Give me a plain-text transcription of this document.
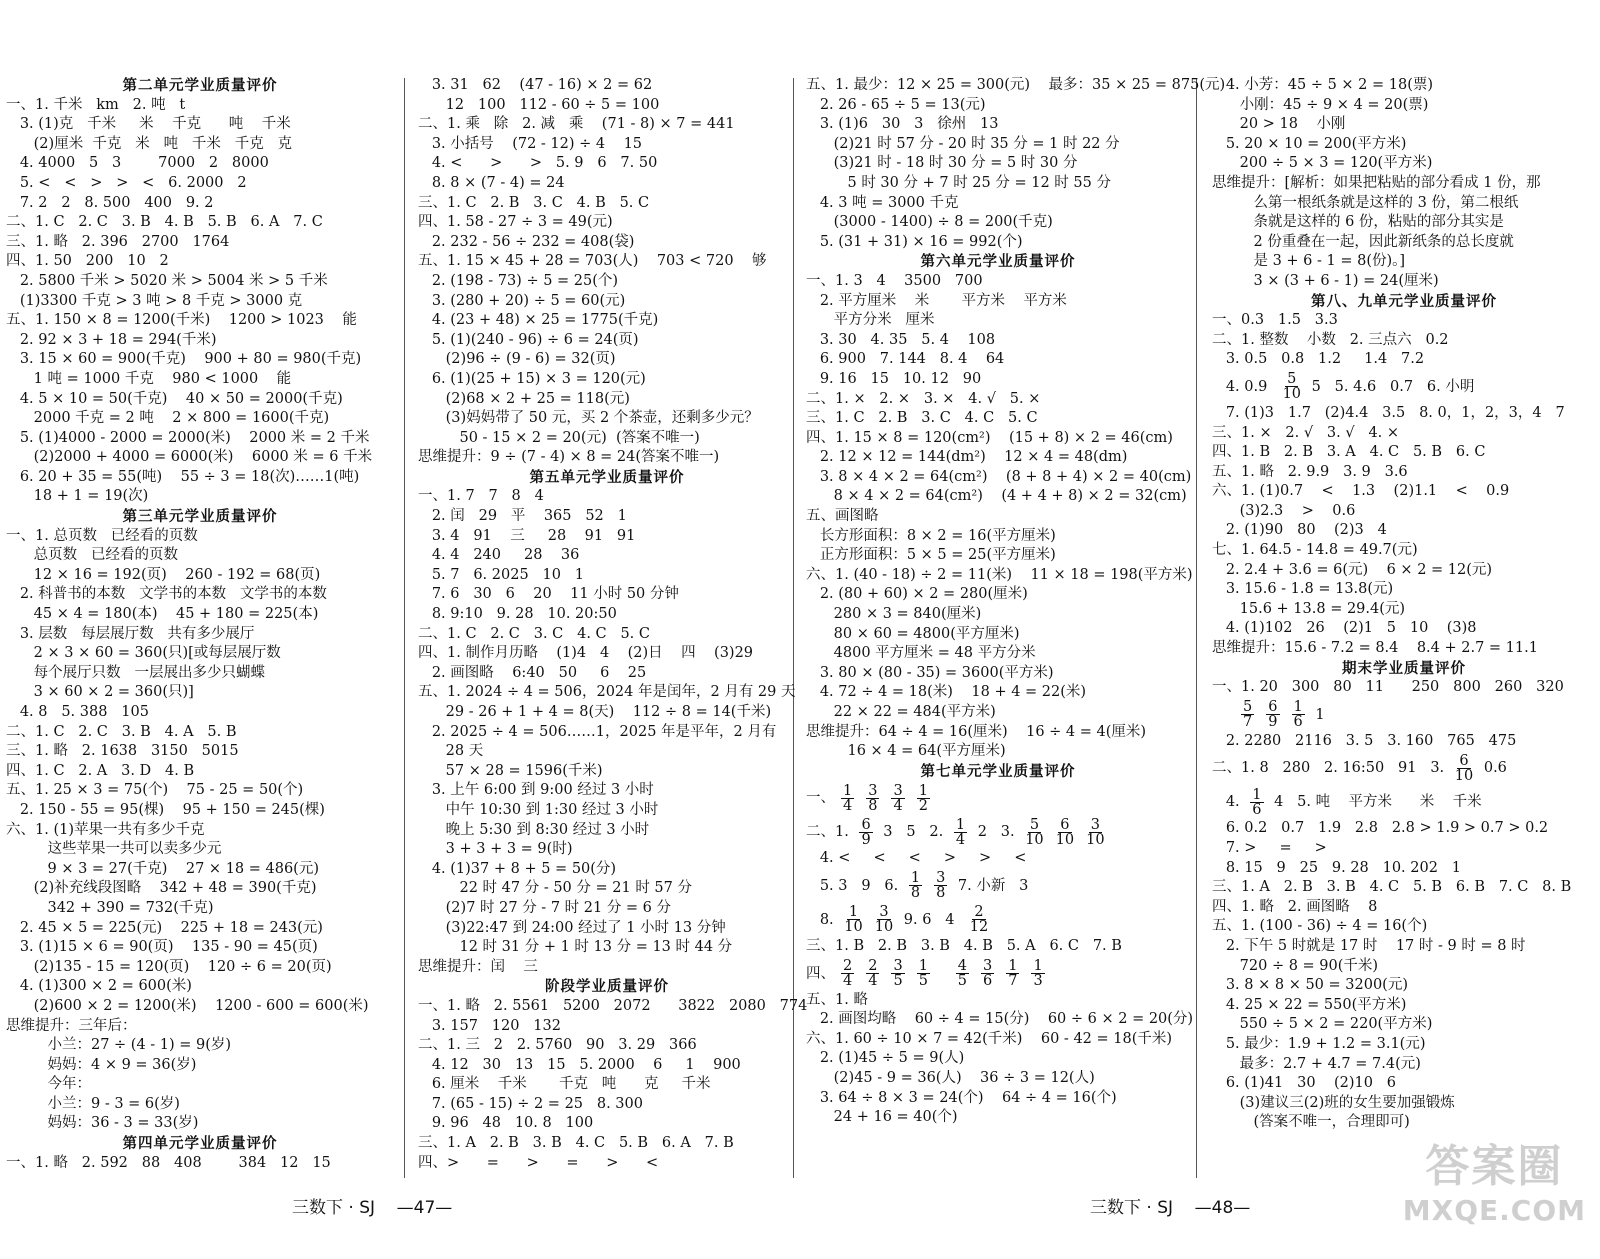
第二单元学业质量评价
一、1. 千米   km   2. 吨   t
3. (1)克   千米     米    千克      吨    千米
(2)厘米  千克   米   吨   千米   千克   克
4. 4000   5   3        7000   2   8000
5. <   <   >   >   <   6. 2000   2
7. 2   2   8. 500   400   9. 2
二、1. C   2. C   3. B   4. B   5. B   6. A   7. C
三、1. 略   2. 396   2700   1764
四、1. 50   200   10   2
2. 5800 千米 > 5020 米 > 5004 米 > 5 千米
(1)3300 千克 > 3 吨 > 8 千克 > 3000 克
五、1. 150 × 8 = 1200(千米)    1200 > 1023    能
2. 92 × 3 + 18 = 294(千米)
3. 15 × 60 = 900(千克)    900 + 80 = 980(千克)
1 吨 = 1000 千克    980 < 1000    能
4. 5 × 10 = 50(千克)    40 × 50 = 2000(千克)
2000 千克 = 2 吨    2 × 800 = 1600(千克)
5. (1)4000 - 2000 = 2000(米)    2000 米 = 2 千米
(2)2000 + 4000 = 6000(米)    6000 米 = 6 千米
6. 20 + 35 = 55(吨)    55 ÷ 3 = 18(次)……1(吨)
18 + 1 = 19(次)
第三单元学业质量评价
一、1. 总页数   已经看的页数
总页数   已经看的页数
12 × 16 = 192(页)    260 - 192 = 68(页)
2. 科普书的本数   文学书的本数   文学书的本数
45 × 4 = 180(本)    45 + 180 = 225(本)
3. 层数   每层展厅数   共有多少展厅
2 × 3 × 60 = 360(只)[或每层展厅数
每个展厅只数   一层展出多少只蝴蝶
3 × 60 × 2 = 360(只)]
4. 8   5. 388   105
二、1. C   2. C   3. B   4. A   5. B
三、1. 略   2. 1638   3150   5015
四、1. C   2. A   3. D   4. B
五、1. 25 × 3 = 75(个)    75 - 25 = 50(个)
2. 150 - 55 = 95(棵)    95 + 150 = 245(棵)
六、1. (1)苹果一共有多少千克
这些苹果一共可以卖多少元
9 × 3 = 27(千克)    27 × 18 = 486(元)
(2)补充线段图略    342 + 48 = 390(千克)
342 + 390 = 732(千克)
2. 45 × 5 = 225(元)    225 + 18 = 243(元)
3. (1)15 × 6 = 90(页)    135 - 90 = 45(页)
(2)135 - 15 = 120(页)    120 ÷ 6 = 20(页)
4. (1)300 × 2 = 600(米)
(2)600 × 2 = 1200(米)    1200 - 600 = 600(米)
思维提升：三年后：
小兰：27 ÷ (4 - 1) = 9(岁)
妈妈：4 × 9 = 36(岁)
今年：
小兰：9 - 3 = 6(岁)
妈妈：36 - 3 = 33(岁)
第四单元学业质量评价
一、1. 略   2. 592   88   408        384   12   15
3. 31   62    (47 - 16) × 2 = 62
12   100   112 - 60 ÷ 5 = 100
二、1. 乘   除   2. 减   乘    (71 - 8) × 7 = 441
3. 小括号    (72 - 12) ÷ 4    15
4. <      >      >   5. 9   6   7. 50
8. 8 × (7 - 4) = 24
三、1. C   2. B   3. C   4. B   5. C
四、1. 58 - 27 ÷ 3 = 49(元)
2. 232 - 56 ÷ 232 = 408(袋)
五、1. 15 × 45 + 28 = 703(人)    703 < 720    够
2. (198 - 73) ÷ 5 = 25(个)
3. (280 + 20) ÷ 5 = 60(元)
4. (23 + 48) × 25 = 1775(千克)
5. (1)(240 - 96) ÷ 6 = 24(页)
(2)96 ÷ (9 - 6) = 32(页)
6. (1)(25 + 15) × 3 = 120(元)
(2)68 × 2 + 25 = 118(元)
(3)妈妈带了 50 元，买 2 个茶壶，还剩多少元？
50 - 15 × 2 = 20(元)  (答案不唯一)
思维提升：9 ÷ (7 - 4) × 8 = 24(答案不唯一)
第五单元学业质量评价
一、1. 7   7   8   4
2. 闰   29   平    365   52   1
3. 4   91    三     28    91   91
4. 4   240     28    36
5. 7   6. 2025   10   1
7. 6   30   6    20    11 小时 50 分钟
8. 9:10   9. 28   10. 20:50
二、1. C   2. C   3. C   4. C   5. C
四、1. 制作月历略    (1)4   4    (2)日    四    (3)29
2. 画图略    6:40   50     6    25
五、1. 2024 ÷ 4 = 506，2024 年是闰年，2 月有 29 天
29 - 26 + 1 + 4 = 8(天)    112 ÷ 8 = 14(千米)
2. 2025 ÷ 4 = 506……1，2025 年是平年，2 月有
28 天
57 × 28 = 1596(千米)
3. 上午 6:00 到 9:00 经过 3 小时
中午 10:30 到 1:30 经过 3 小时
晚上 5:30 到 8:30 经过 3 小时
3 + 3 + 3 = 9(时)
4. (1)37 + 8 + 5 = 50(分)
22 时 47 分 - 50 分 = 21 时 57 分
(2)7 时 27 分 - 7 时 21 分 = 6 分
(3)22:47 到 24:00 经过了 1 小时 13 分钟
12 时 31 分 + 1 时 13 分 = 13 时 44 分
思维提升：闰    三
阶段学业质量评价
一、1. 略   2. 5561   5200   2072      3822   2080   774
3. 157   120   132
二、1. 三   2   2. 5760   90   3. 29   366
4. 12   30   13   15   5. 2000    6     1    900
6. 厘米    千米       千克   吨      克     千米
7. (65 - 15) ÷ 2 = 25   8. 300
9. 96   48   10. 8   100
三、1. A   2. B   3. B   4. C   5. B   6. A   7. B
四、>      =      >      =      >      <
五、1. 最少：12 × 25 = 300(元)    最多：35 × 25 = 875(元)
2. 26 - 65 ÷ 5 = 13(元)
3. (1)6   30   3   徐州   13
(2)21 时 57 分 - 20 时 35 分 = 1 时 22 分
(3)21 时 - 18 时 30 分 = 5 时 30 分
5 时 30 分 + 7 时 25 分 = 12 时 55 分
4. 3 吨 = 3000 千克
(3000 - 1400) ÷ 8 = 200(千克)
5. (31 + 31) × 16 = 992(个)
第六单元学业质量评价
一、1. 3   4    3500   700
2. 平方厘米    米       平方米    平方米
平方分米   厘米
3. 30   4. 35   5. 4    108
6. 900   7. 144   8. 4    64
9. 16   15   10. 12   90
二、1. ×   2. ×   3. ×   4. √   5. ×
三、1. C   2. B   3. C   4. C   5. C
四、1. 15 × 8 = 120(cm²)    (15 + 8) × 2 = 46(cm)
2. 12 × 12 = 144(dm²)    12 × 4 = 48(dm)
3. 8 × 4 × 2 = 64(cm²)    (8 + 8 + 4) × 2 = 40(cm)
8 × 4 × 2 = 64(cm²)    (4 + 4 + 8) × 2 = 32(cm)
五、画图略
长方形面积：8 × 2 = 16(平方厘米)
正方形面积：5 × 5 = 25(平方厘米)
六、1. (40 - 18) ÷ 2 = 11(米)    11 × 18 = 198(平方米)
2. (80 + 60) × 2 = 280(厘米)
280 × 3 = 840(厘米)
80 × 60 = 4800(平方厘米)
4800 平方厘米 = 48 平方分米
3. 80 × (80 - 35) = 3600(平方米)
4. 72 ÷ 4 = 18(米)    18 + 4 = 22(米)
22 × 22 = 484(平方米)
思维提升：64 ÷ 4 = 16(厘米)    16 ÷ 4 = 4(厘米)
16 × 4 = 64(平方厘米)
第七单元学业质量评价
一、 $\frac{1}{4} \frac{3}{8} \frac{3}{4} \frac{1}{2}$
二、1. $\frac{6}{9} 3$   5   2. $\frac{1}{4} 2$   3. $\frac{5}{10} \frac{6}{10} \frac{3}{10}$
4. <     <     <     >     >     <
5. 3   9   6. $\frac{1}{8} \frac{3}{8} 7$. 小新   3
8. $\frac{1}{10} \frac{3}{10} 9$. 6   $4 \frac{2}{12}$
三、1. B   2. B   3. B   4. B   5. A   6. C   7. B
四、 $\frac{2}{4} \frac{2}{4} \frac{3}{5} \frac{1}{5}$
$\frac{4}{5} \frac{3}{6} \frac{1}{7} \frac{1}{3}$
五、1. 略
2. 画图均略    60 ÷ 4 = 15(分)    60 ÷ 6 × 2 = 20(分)
六、1. 60 ÷ 10 × 7 = 42(千米)    60 - 42 = 18(千米)
2. (1)45 ÷ 5 = 9(人)
(2)45 - 9 = 36(人)    36 ÷ 3 = 12(人)
3. 64 ÷ 8 × 3 = 24(个)    64 ÷ 4 = 16(个)
24 + 16 = 40(个)
4. 小芳：45 ÷ 5 × 2 = 18(票)
小刚：45 ÷ 9 × 4 = 20(票)
20 > 18    小刚
5. 20 × 10 = 200(平方米)
200 ÷ 5 × 3 = 120(平方米)
思维提升：[解析：如果把粘贴的部分看成 1 份，那
么第一根纸条就是这样的 3 份，第二根纸
条就是这样的 6 份，粘贴的部分其实是
2 份重叠在一起，因此新纸条的总长度就
是 3 + 6 - 1 = 8(份)。]
3 × (3 + 6 - 1) = 24(厘米)
第八、九单元学业质量评价
一、0.3   1.5   3.3
二、1. 整数    小数   2. 三点六   0.2
3. 0.5   0.8   1.2     1.4   7.2
4. $0.9 \frac{5}{10} 5$   5. 4.6   0.7   6. 小明
7. (1)3   1.7   (2)4.4   3.5   8. 0，1，2，3，4   7
三、1. ×   2. √   3. √   4. ×
四、1. B   2. B   3. A   4. C   5. B   6. C
五、1. 略   2. 9.9   3. 9   3.6
六、1. (1)0.7    <    1.3    (2)1.1    <    0.9
(3)2.3    >    0.6
2. (1)90   80    (2)3   4
七、1. 64.5 - 14.8 = 49.7(元)
2. 2.4 + 3.6 = 6(元)    6 × 2 = 12(元)
3. 15.6 - 1.8 = 13.8(元)
15.6 + 13.8 = 29.4(元)
4. (1)102   26    (2)1   5   10    (3)8
思维提升：15.6 - 7.2 = 8.4    8.4 + 2.7 = 11.1
期末学业质量评价
一、1. 20   300   80   11      250   800   260   320

$\frac{5}{7} \frac{6}{9} \frac{1}{6} 1$
2. 2280   2116   3. 5   3. 160   765   475
二、1. 8   280   2. 16:50   91   3. $\frac{6}{10} 0.6$
4. $\frac{1}{6} 4$   5. 吨    平方米      米    千米
6. 0.2   0.7   1.9   2.8   2.8 > 1.9 > 0.7 > 0.2
7. >     =     >
8. 15   9   25   9. 28   10. 202   1
三、1. A   2. B   3. B   4. C   5. B   6. B   7. C   8. B
四、1. 略   2. 画图略    8
五、1. (100 - 36) ÷ 4 = 16(个)
2. 下午 5 时就是 17 时    17 时 - 9 时 = 8 时
720 ÷ 8 = 90(千米)
3. 8 × 8 × 50 = 3200(元)
4. 25 × 22 = 550(平方米)
550 ÷ 5 × 2 = 220(平方米)
5. 最少：1.9 + 1.2 = 3.1(元)
最多：2.7 + 4.7 = 7.4(元)
6. (1)41   30    (2)10   6
(3)建议三(2)班的女生要加强锻炼
(答案不唯一，合理即可)
三数下 · SJ    —47—	三数下 · SJ    —48—
答案圈
MXQE.COM
